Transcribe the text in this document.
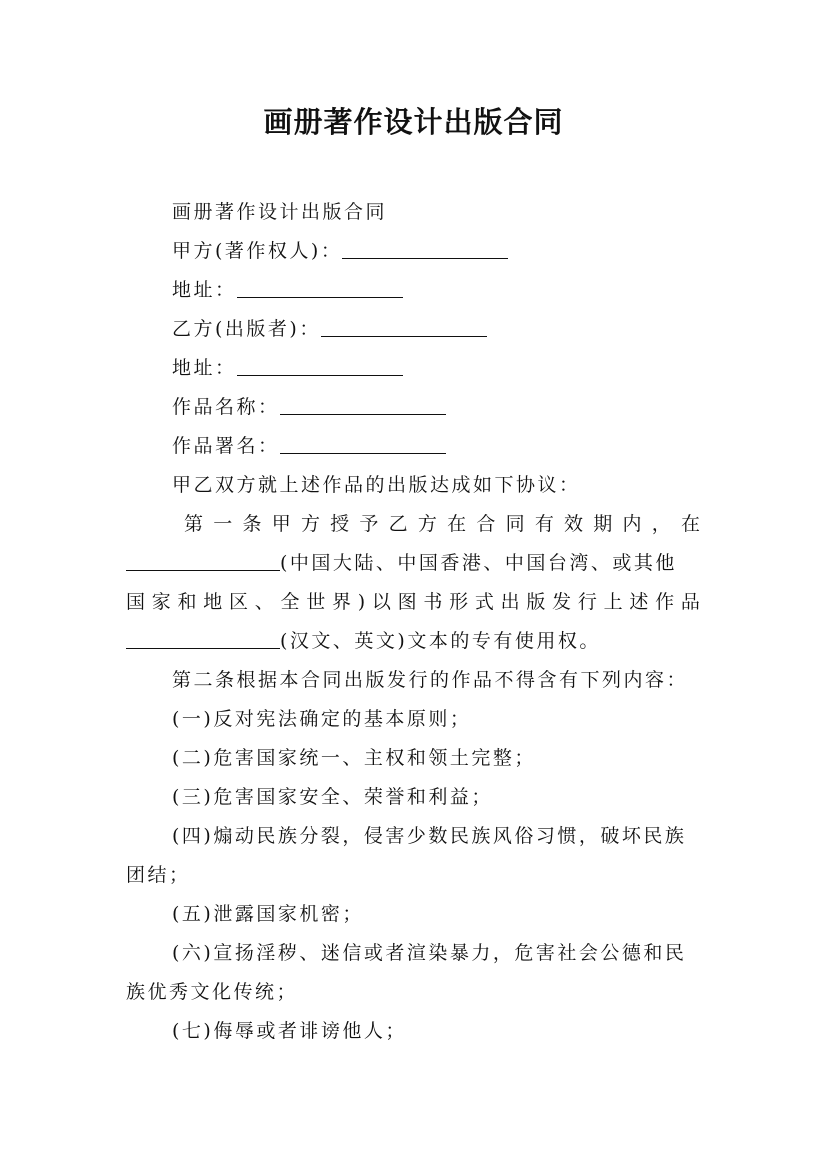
画册著作设计出版合同
画册著作设计出版合同
甲方(著作权人)：
地址：
乙方(出版者)：
地址：
作品名称：
作品署名：
甲乙双方就上述作品的出版达成如下协议：
第 一 条 甲 方 授 予 乙 方 在 合 同 有 效 期 内 ， 在
(中国大陆、中国香港、中国台湾、或其他
国 家 和 地 区 、 全 世 界 ) 以 图 书 形 式 出 版 发 行 上 述 作 品
(汉文、英文)文本的专有使用权。
第二条根据本合同出版发行的作品不得含有下列内容：
(一)反对宪法确定的基本原则；
(二)危害国家统一、主权和领土完整；
(三)危害国家安全、荣誉和利益；
(四)煽动民族分裂，侵害少数民族风俗习惯，破坏民族
团结；
(五)泄露国家机密；
(六)宣扬淫秽、迷信或者渲染暴力，危害社会公德和民
族优秀文化传统；
(七)侮辱或者诽谤他人；
